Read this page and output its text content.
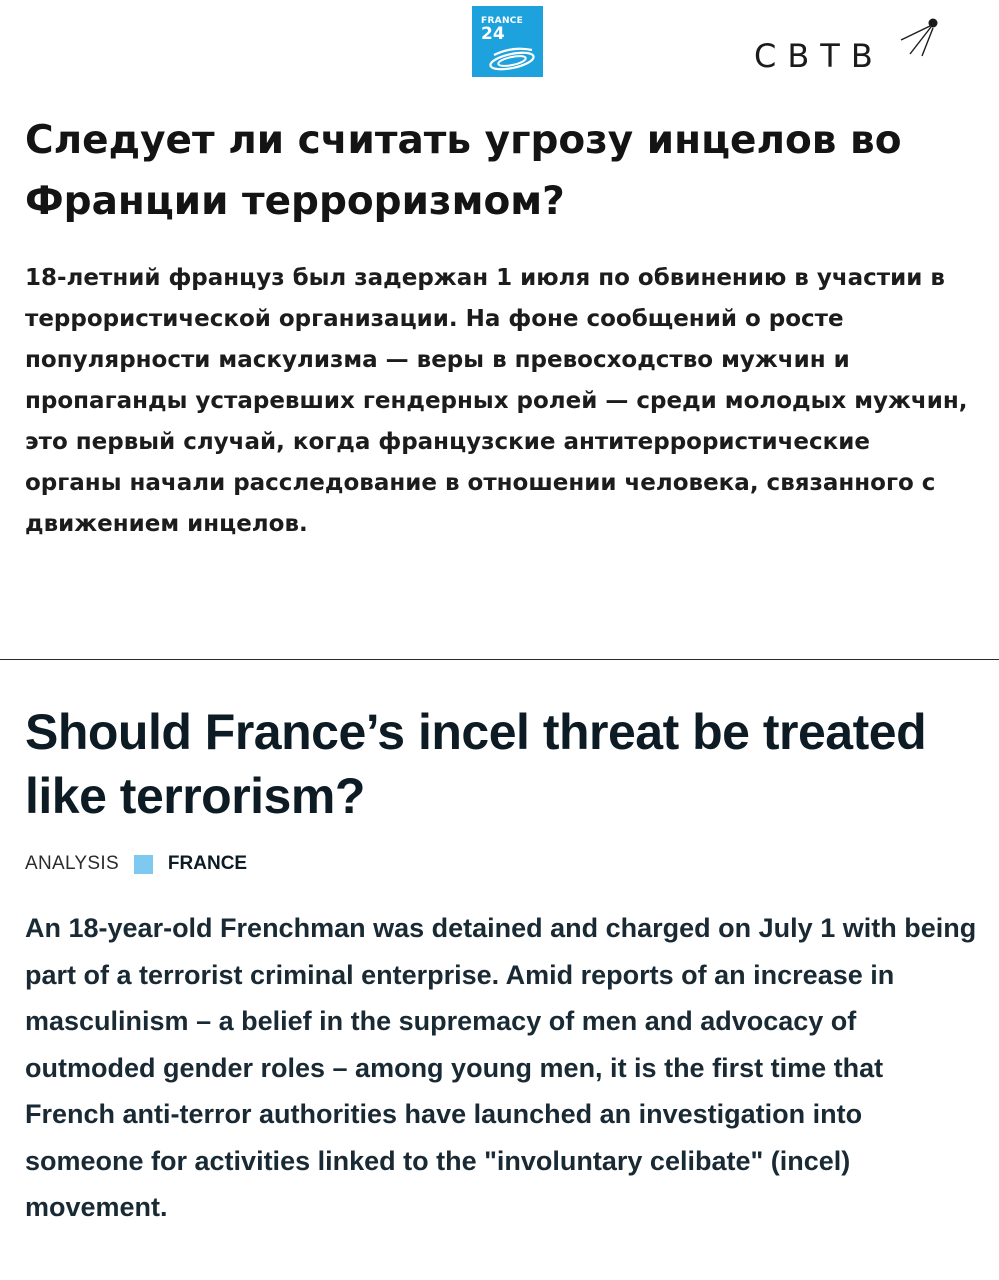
FRANCE
24
СВТВ
Следует ли считать угрозу инцелов во Франции терроризмом?

18-летний француз был задержан 1 июля по обвинению в участии в террористической организации. На фоне сообщений о росте популярности маскулизма — веры в превосходство мужчин и пропаганды устаревших гендерных ролей — среди молодых мужчин, это первый случай, когда французские антитеррористические органы начали расследование в отношении человека, связанного с движением инцелов.

Should France’s incel threat be treated like terrorism?
ANALYSIS	FRANCE

An 18-year-old Frenchman was detained and charged on July 1 with being part of a terrorist criminal enterprise. Amid reports of an increase in masculinism – a belief in the supremacy of men and advocacy of outmoded gender roles – among young men, it is the first time that French anti-terror authorities have launched an investigation into someone for activities linked to the "involuntary celibate" (incel) movement.
